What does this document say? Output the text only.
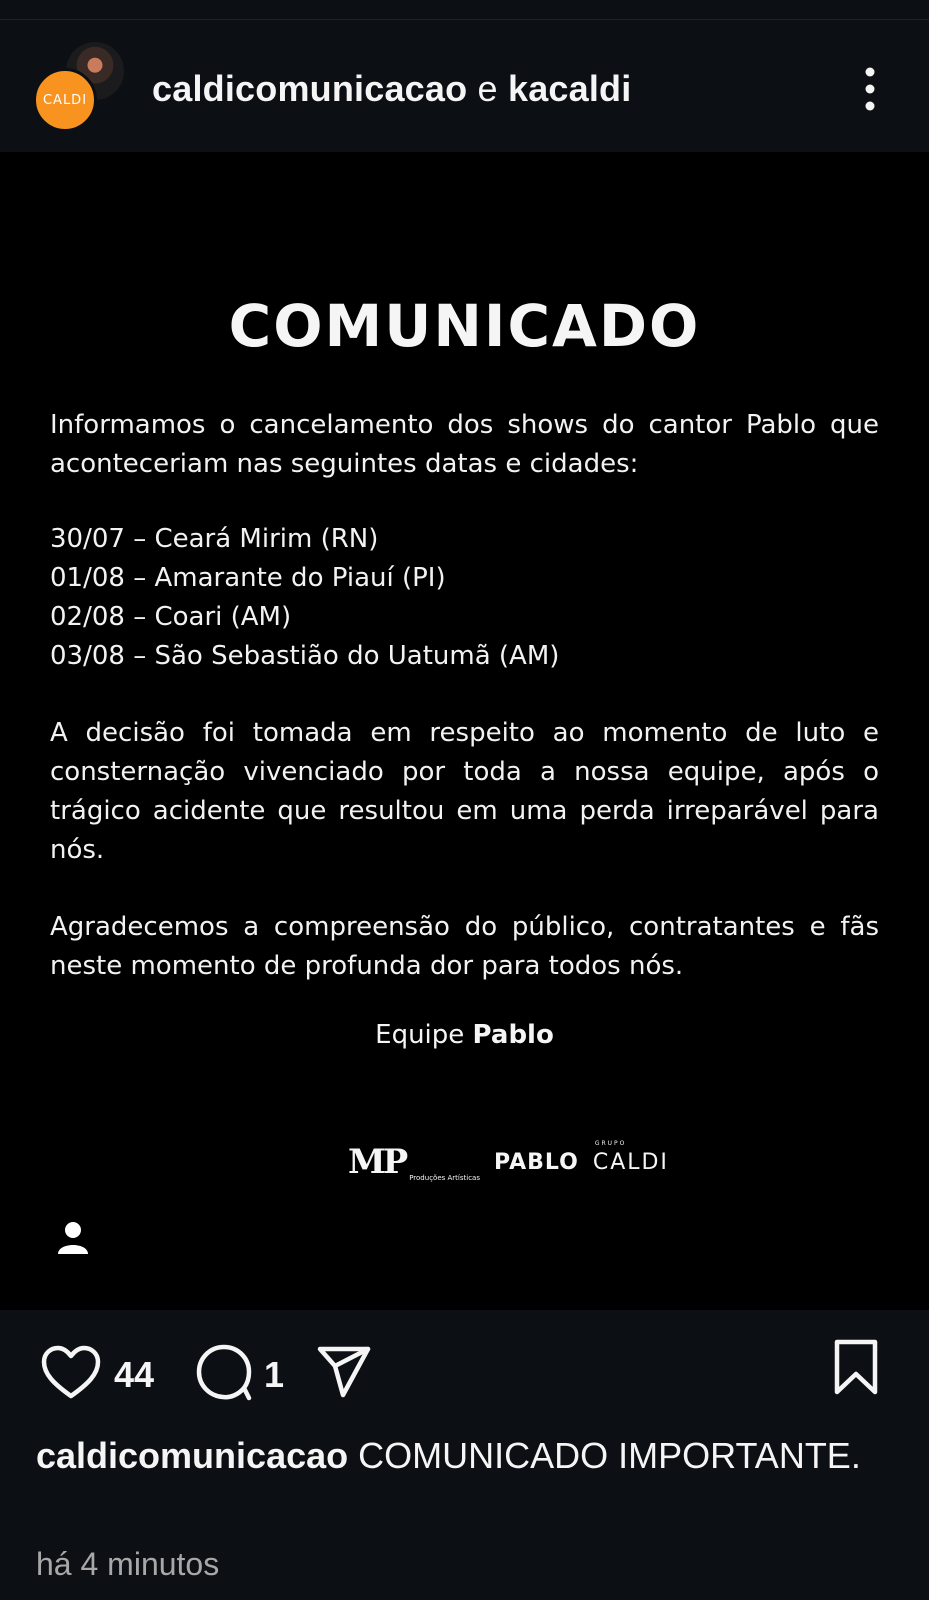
CALDI caldicomunicacao e kacaldi
COMUNICADO

Informamos o cancelamento dos shows do cantor Pablo que aconteceriam nas seguintes datas e cidades:

30/07 – Ceará Mirim (RN)
01/08 – Amarante do Piauí (PI)
02/08 – Coari (AM)
03/08 – São Sebastião do Uatumã (AM)

A decisão foi tomada em respeito ao momento de luto e consternação vivenciado por toda a nossa equipe, após o trágico acidente que resultou em uma perda irreparável para nós.

Agradecemos a compreensão do público, contratantes e fãs neste momento de profunda dor para todos nós.

Equipe Pablo
MP Produções Artísticas
PABLO
GRUPO
CALDI
44	1
caldicomunicacao COMUNICADO IMPORTANTE.
há 4 minutos
